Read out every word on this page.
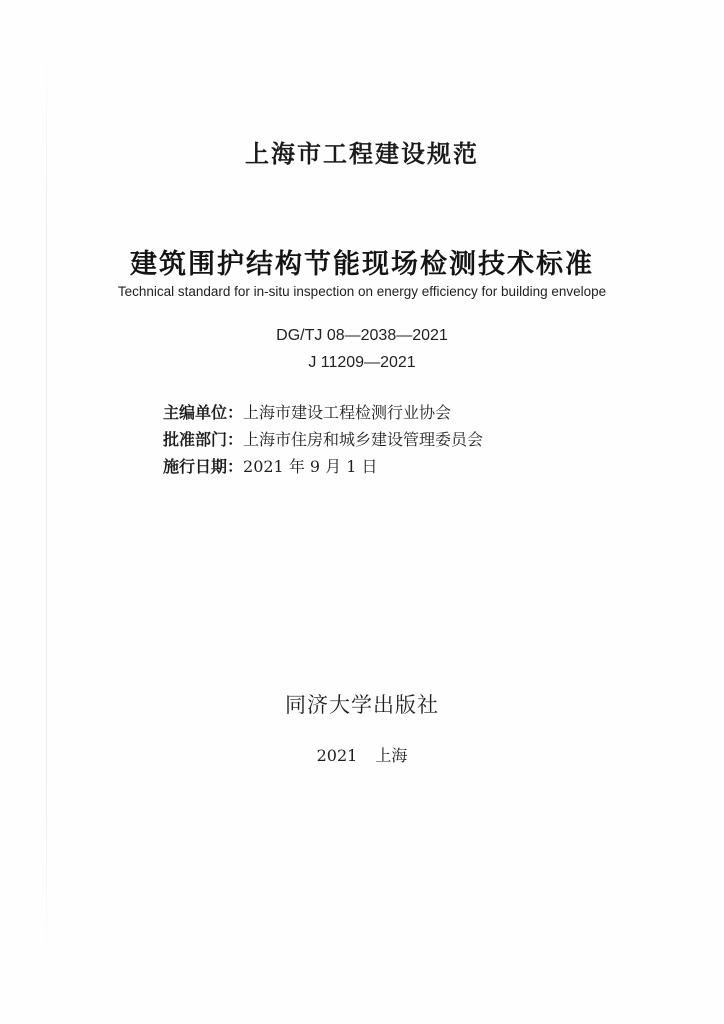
上海市工程建设规范
建筑围护结构节能现场检测技术标准
Technical standard for in-situ inspection on energy efficiency for building envelope
DG/TJ 08—2038—2021
J 11209—2021
主编单位：上海市建设工程检测行业协会
批准部门：上海市住房和城乡建设管理委员会
施行日期：2021 年 9 月 1 日
同济大学出版社
2021 上海
